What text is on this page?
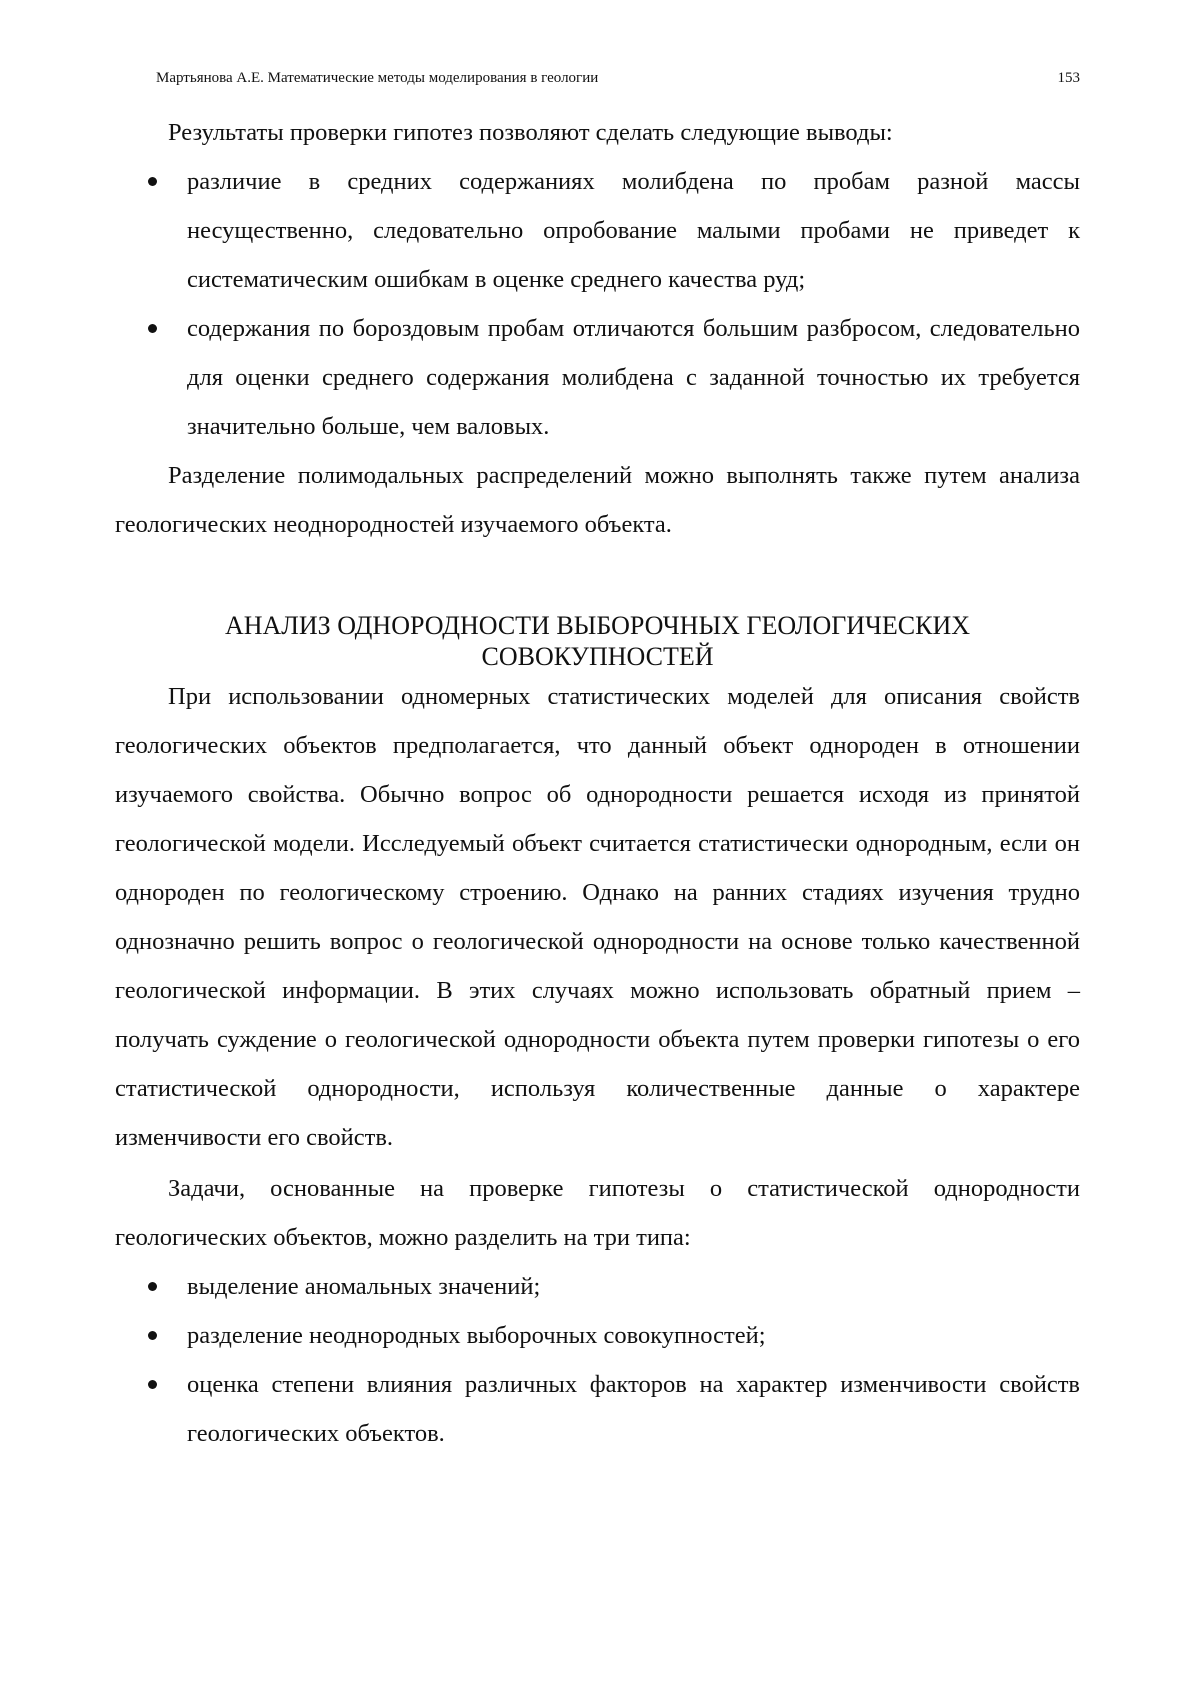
Мартьянова А.Е. Математические методы моделирования в геологии	153

Результаты проверки гипотез позволяют сделать следующие выводы:

различие в средних содержаниях молибдена по пробам разной массы несущественно, следовательно опробование малыми пробами не приведет к систематическим ошибкам в оценке среднего качества руд;
содержания по бороздовым пробам отличаются большим разбросом, следовательно для оценки среднего содержания молибдена с заданной точностью их требуется значительно больше, чем валовых.

Разделение полимодальных распределений можно выполнять также путем анализа геологических неоднородностей изучаемого объекта.

АНАЛИЗ ОДНОРОДНОСТИ ВЫБОРОЧНЫХ ГЕОЛОГИЧЕСКИХ СОВОКУПНОСТЕЙ

При использовании одномерных статистических моделей для описания свойств геологических объектов предполагается, что данный объект однороден в отношении изучаемого свойства. Обычно вопрос об однородности решается исходя из принятой геологической модели. Исследуемый объект считается статистически однородным, если он однороден по геологическому строению. Однако на ранних стадиях изучения трудно однозначно решить вопрос о геологической однородности на основе только качественной геологической информации. В этих случаях можно использовать обратный прием – получать суждение о геологической однородности объекта путем проверки гипотезы о его статистической однородности, используя количественные данные о характере изменчивости его свойств.

Задачи, основанные на проверке гипотезы о статистической однородности геологических объектов, можно разделить на три типа:

выделение аномальных значений;
разделение неоднородных выборочных совокупностей;
оценка степени влияния различных факторов на характер изменчивости свойств геологических объектов.
